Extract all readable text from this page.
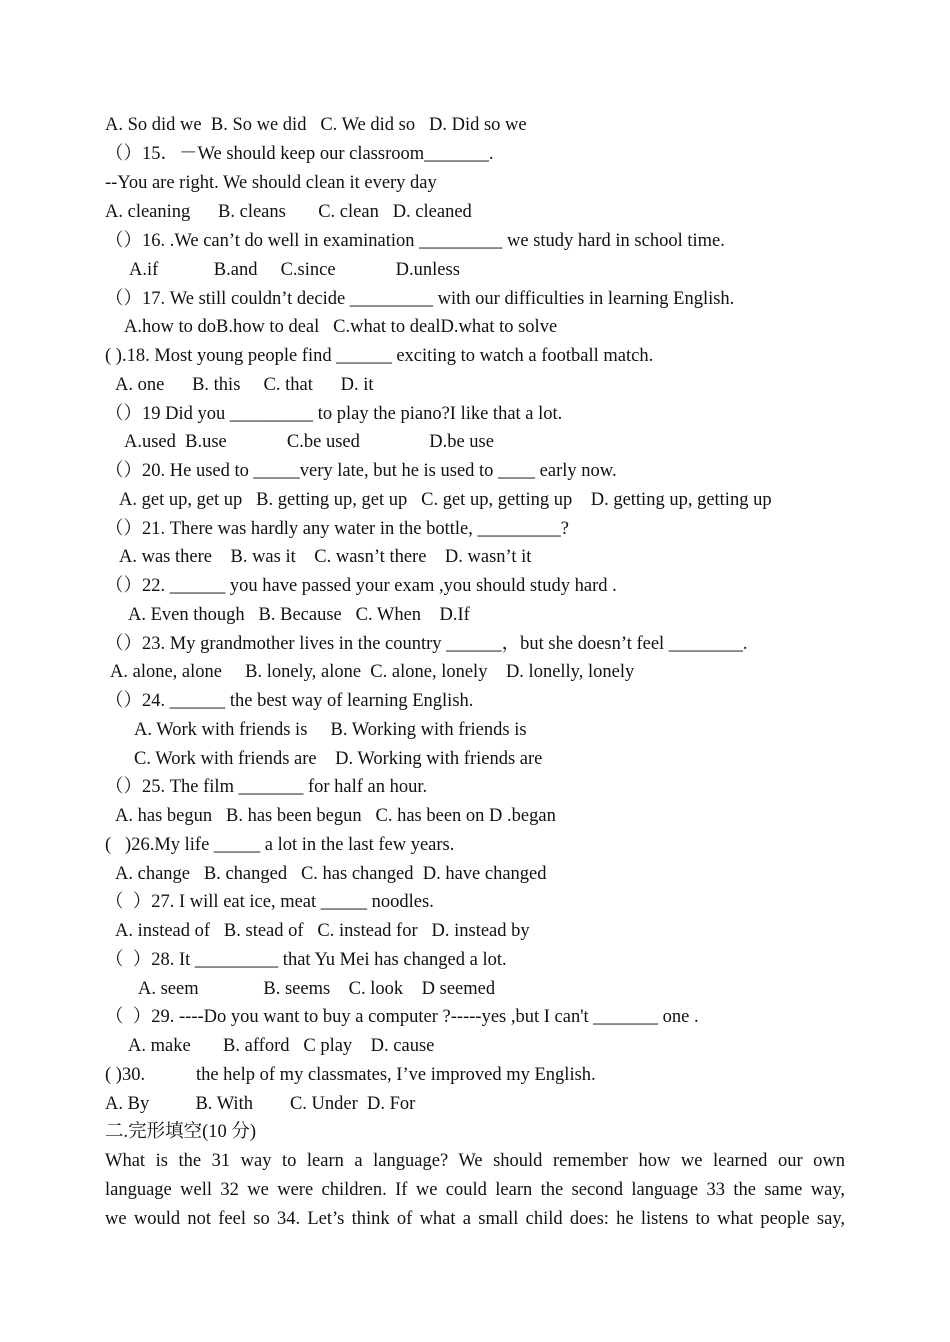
A. So did we  B. So we did   C. We did so   D. Did so we
（）15．－We should keep our classroom_______.
--You are right. We should clean it every day
A. cleaning      B. cleans       C. clean   D. cleaned
（）16. .We can’t do well in examination _________ we study hard in school time.
A.if            B.and     C.since             D.unless
（）17. We still couldn’t decide _________ with our difficulties in learning English.
A.how to doB.how to deal   C.what to dealD.what to solve
( ).18. Most young people find ______ exciting to watch a football match.
A. one      B. this     C. that      D. it
（）19 Did you _________ to play the piano?I like that a lot.
A.used  B.use             C.be used               D.be use
（）20. He used to _____very late, but he is used to ____ early now.
A. get up, get up   B. getting up, get up   C. get up, getting up    D. getting up, getting up
（）21. There was hardly any water in the bottle, _________?
A. was there    B. was it    C. wasn’t there    D. wasn’t it
（）22. ______ you have passed your exam ,you should study hard .
A. Even though   B. Because   C. When    D.If
（）23. My grandmother lives in the country ______，but she doesn’t feel ________.
A. alone, alone     B. lonely, alone  C. alone, lonely    D. lonelly, lonely
（）24. ______ the best way of learning English.
A. Work with friends is     B. Working with friends is
C. Work with friends are    D. Working with friends are
（）25. The film _______ for half an hour.
A. has begun   B. has been begun   C. has been on D .began
(   )26.My life _____ a lot in the last few years.
A. change   B. changed   C. has changed  D. have changed
（  ）27. I will eat ice, meat _____ noodles.
A. instead of   B. stead of   C. instead for   D. instead by
（  ）28. It _________ that Yu Mei has changed a lot.
A. seem              B. seems    C. look    D seemed
（  ）29. ----Do you want to buy a computer ?-----yes ,but I can't _______ one .
A. make       B. afford   C play    D. cause
( )30.           the help of my classmates, I’ve improved my English.
A. By          B. With        C. Under  D. For
二.完形填空(10 分)
What is the 31 way to learn a language? We should remember how we learned our own
language well 32 we were children. If we could learn the second language 33 the same way,
we would not feel so 34. Let’s think of what a small child does: he listens to what people say,
